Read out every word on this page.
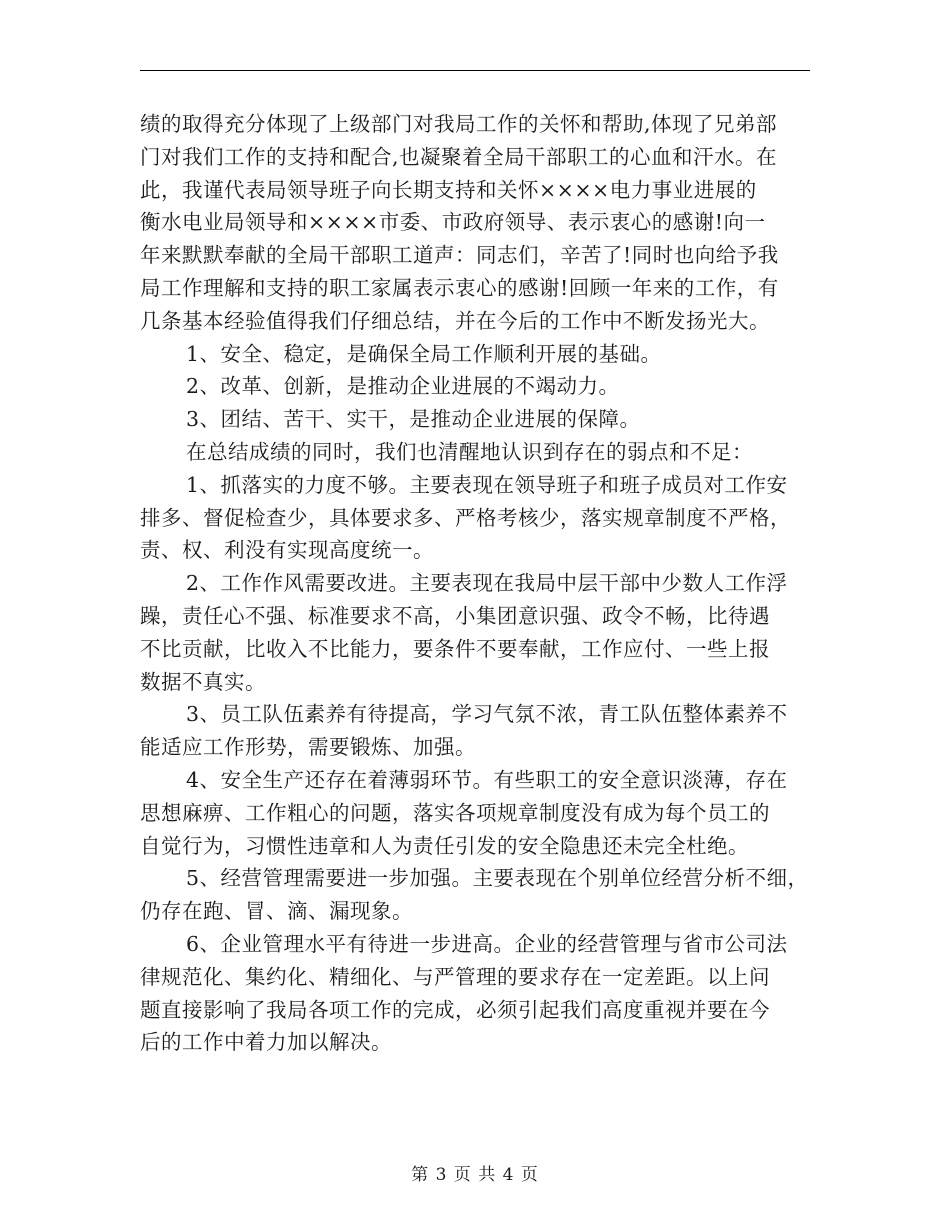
绩的取得充分体现了上级部门对我局工作的关怀和帮助,体现了兄弟部
门对我们工作的支持和配合,也凝聚着全局干部职工的心血和汗水。在
此，我谨代表局领导班子向长期支持和关怀××××电力事业进展的
衡水电业局领导和××××市委、市政府领导、表示衷心的感谢!向一
年来默默奉献的全局干部职工道声：同志们，辛苦了!同时也向给予我
局工作理解和支持的职工家属表示衷心的感谢!回顾一年来的工作，有
几条基本经验值得我们仔细总结，并在今后的工作中不断发扬光大。
1、安全、稳定，是确保全局工作顺利开展的基础。
2、改革、创新，是推动企业进展的不竭动力。
3、团结、苦干、实干，是推动企业进展的保障。
在总结成绩的同时，我们也清醒地认识到存在的弱点和不足：
1、抓落实的力度不够。主要表现在领导班子和班子成员对工作安
排多、督促检查少，具体要求多、严格考核少，落实规章制度不严格，
责、权、利没有实现高度统一。
2、工作作风需要改进。主要表现在我局中层干部中少数人工作浮
躁，责任心不强、标准要求不高，小集团意识强、政令不畅，比待遇
不比贡献，比收入不比能力，要条件不要奉献，工作应付、一些上报
数据不真实。
3、员工队伍素养有待提高，学习气氛不浓，青工队伍整体素养不
能适应工作形势，需要锻炼、加强。
4、安全生产还存在着薄弱环节。有些职工的安全意识淡薄，存在
思想麻痹、工作粗心的问题，落实各项规章制度没有成为每个员工的
自觉行为，习惯性违章和人为责任引发的安全隐患还未完全杜绝。
5、经营管理需要进一步加强。主要表现在个别单位经营分析不细，
仍存在跑、冒、滴、漏现象。
6、企业管理水平有待进一步进高。企业的经营管理与省市公司法
律规范化、集约化、精细化、与严管理的要求存在一定差距。以上问
题直接影响了我局各项工作的完成，必须引起我们高度重视并要在今
后的工作中着力加以解决。
第 3 页 共 4 页
